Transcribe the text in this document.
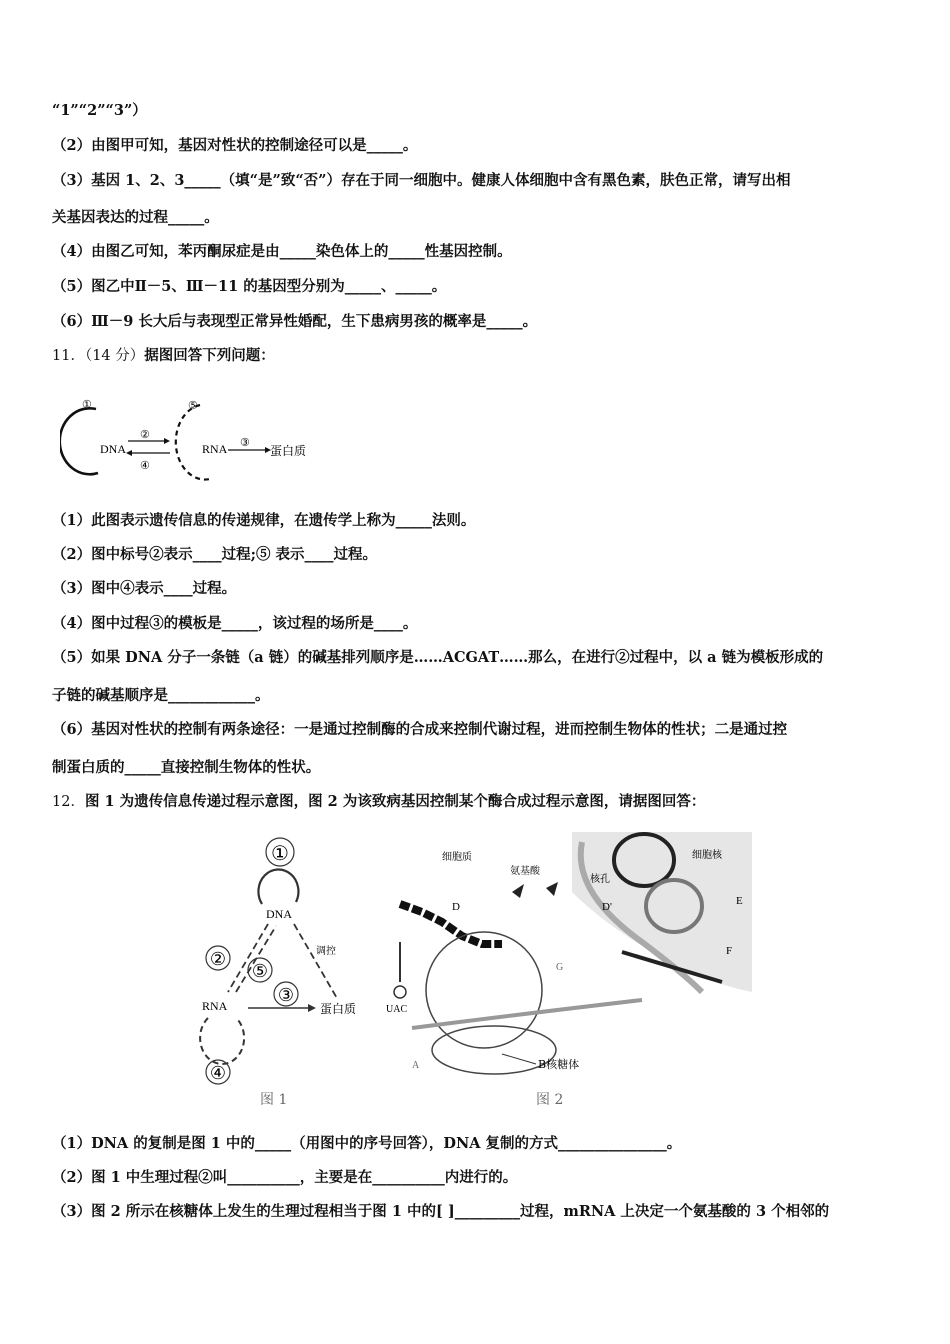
“1”“2”“3”）
（2）由图甲可知，基因对性状的控制途径可以是_____。
（3）基因 1、2、3_____（填“是”致“否”）存在于同一细胞中。健康人体细胞中含有黑色素，肤色正常，请写出相
关基因表达的过程_____。
（4）由图乙可知，苯丙酮尿症是由_____染色体上的_____性基因控制。
（5）图乙中Ⅱ－5、Ⅲ－11 的基因型分别为_____、_____。
（6）Ⅲ－9 长大后与表现型正常异性婚配，生下患病男孩的概率是_____。
11．（14 分）据图回答下列问题：
①
DNA
②
④
⑤
RNA ③
蛋白质
（1）此图表示遗传信息的传递规律，在遗传学上称为_____法则。
（2）图中标号②表示____过程;⑤ 表示____过程。
（3）图中④表示____过程。
（4）图中过程③的模板是_____，该过程的场所是____。
（5）如果 DNA 分子一条链（a 链）的碱基排列顺序是……ACGAT……那么，在进行②过程中，以 a 链为模板形成的
子链的碱基顺序是____________。
（6）基因对性状的控制有两条途径：一是通过控制酶的合成来控制代谢过程，进而控制生物体的性状；二是通过控
制蛋白质的_____直接控制生物体的性状。
12．图 1 为遗传信息传递过程示意图，图 2 为该致病基因控制某个酶合成过程示意图，请据图回答：
①
DNA
调控
②
⑤
③
RNA	蛋白质
④
图 1
细胞质
氨基酸
细胞核
核孔
D'	E
F
D
UAC
G
A	B核糖体
图 2
（1）DNA 的复制是图 1 中的_____（用图中的序号回答），DNA 复制的方式_______________。
（2）图 1 中生理过程②叫__________，主要是在__________内进行的。
（3）图 2 所示在核糖体上发生的生理过程相当于图 1 中的[ ]_________过程，mRNA 上决定一个氨基酸的 3 个相邻的
